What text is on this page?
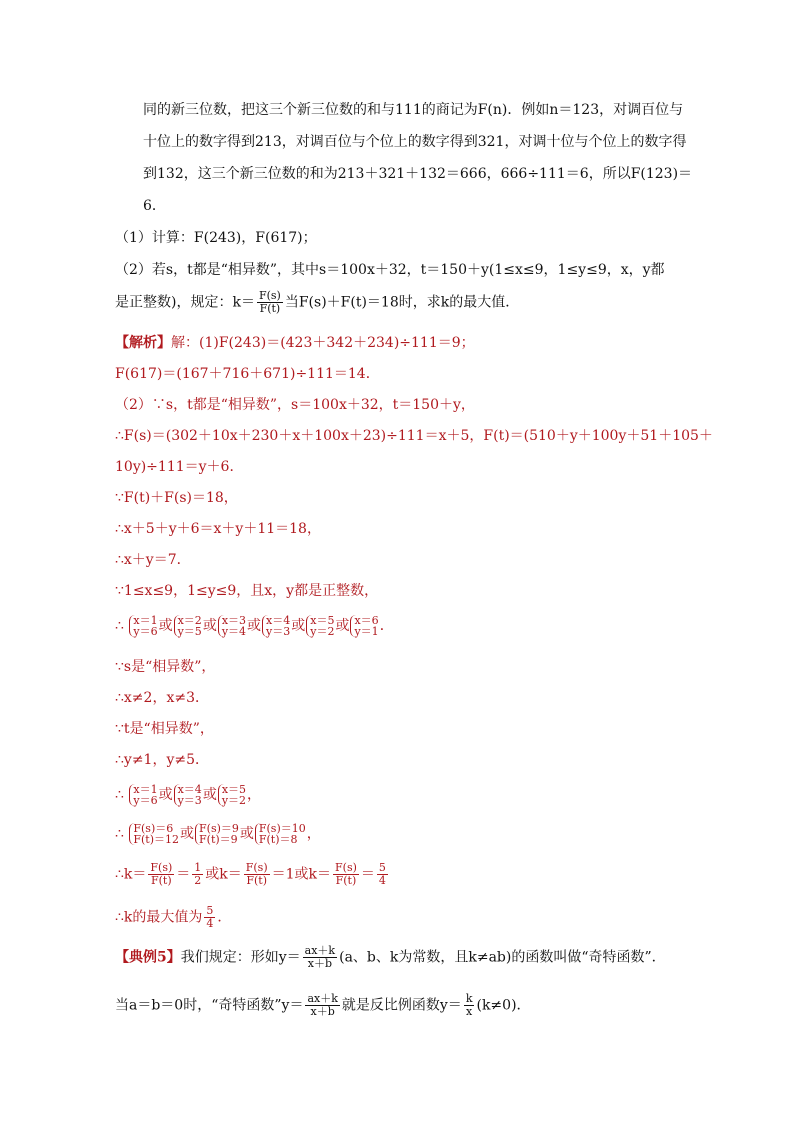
同的新三位数，把这三个新三位数的和与111的商记为F(n)．例如n＝123，对调百位与
十位上的数字得到213，对调百位与个位上的数字得到321，对调十位与个位上的数字得
到132，这三个新三位数的和为213＋321＋132＝666，666÷111＝6，所以F(123)＝
6．
（1）计算：F(243)，F(617)；
（2）若s，t都是“相异数”，其中s＝100x＋32，t＝150＋y(1≤x≤9，1≤y≤9，x，y都
是正整数)，规定：$k= \frac{F(s)}{F(t)}$ 当F(s)＋F(t)＝18时，求k的最大值．
【解析】解：(1)F(243)＝(423＋342＋234)÷111＝9；
F(617)＝(167＋716＋671)÷111＝14．
（2）∵s，t都是“相异数”，s＝100x＋32，t＝150＋y，
∴F(s)＝(302＋10x＋230＋x＋100x＋23)÷111＝x＋5，F(t)＝(510＋y＋100y＋51＋105＋
10y)÷111＝y＋6．
∵F(t)＋F(s)＝18，
∴x＋5＋y＋6＝x＋y＋11＝18，
∴x＋y＝7．
∵1≤x≤9，1≤y≤9，且x，y都是正整数，
∴ x＝1
y＝6 或 x＝2
y＝5 或 x＝3
y＝4 或 x＝4
y＝3 或 x＝5
y＝2 或 x＝6
y＝1 ．
∵s是“相异数”，
∴x≠2，x≠3．
∵t是“相异数”，
∴y≠1，y≠5．
∴ x＝1
y＝6 或 x＝4
y＝3 或 x＝5
y＝2 ，
∴ F(s)＝6
F(t)＝12 或 F(s)＝9
F(t)＝9 或 F(s)＝10
F(t)＝8 ，
∴k＝ $\frac{F(s)}{F(t)} = \frac{1}{2}$ 或$k= \frac{F(s)}{F(t)} =1$或$k= \frac{F(s)}{F(t)} = \frac{5}{4}$
∴k的最大值为 $\frac{5}{4}$ ．
【典例5】我们规定：形如$y= \frac{ax+k}{x+b} (a$、b、k为常数，且k≠ab)的函数叫做“奇特函数”．
当a＝b＝0时，“奇特函数”y＝ $\frac{ax+k}{x+b}$ 就是反比例函数$y= \frac{k}{x} (k\ne 0)$．
